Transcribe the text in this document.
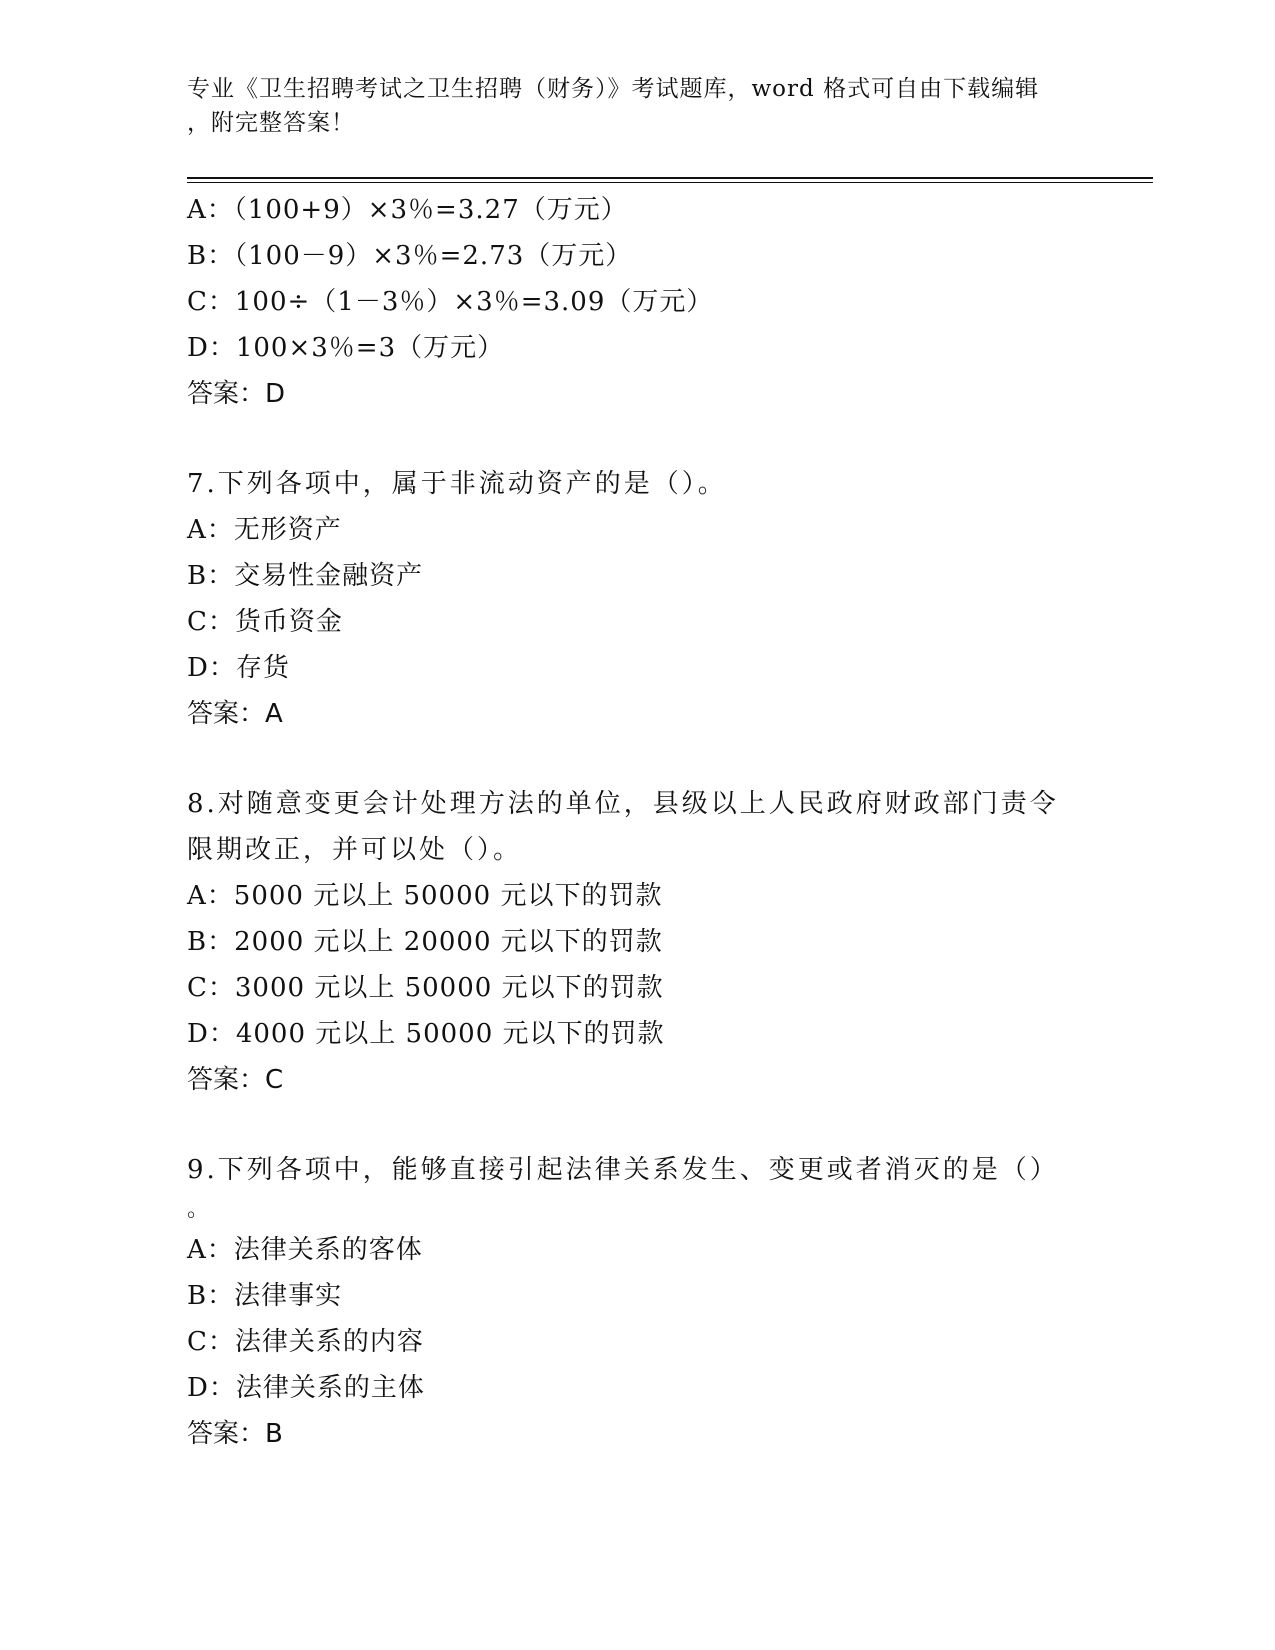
专业《卫生招聘考试之卫生招聘（财务）》考试题库，word 格式可自由下载编辑
，附完整答案！
A：（100+9）×3％=3.27（万元）
B：（100－9）×3％=2.73（万元）
C：100÷（1－3％）×3％=3.09（万元）
D：100×3％=3（万元）
答案：D
7.下列各项中，属于非流动资产的是（）。
A：无形资产
B：交易性金融资产
C：货币资金
D：存货
答案：A
8.对随意变更会计处理方法的单位，县级以上人民政府财政部门责令
限期改正，并可以处（）。
A：5000 元以上 50000 元以下的罚款
B：2000 元以上 20000 元以下的罚款
C：3000 元以上 50000 元以下的罚款
D：4000 元以上 50000 元以下的罚款
答案：C
9.下列各项中，能够直接引起法律关系发生、变更或者消灭的是（）
。
A：法律关系的客体
B：法律事实
C：法律关系的内容
D：法律关系的主体
答案：B
